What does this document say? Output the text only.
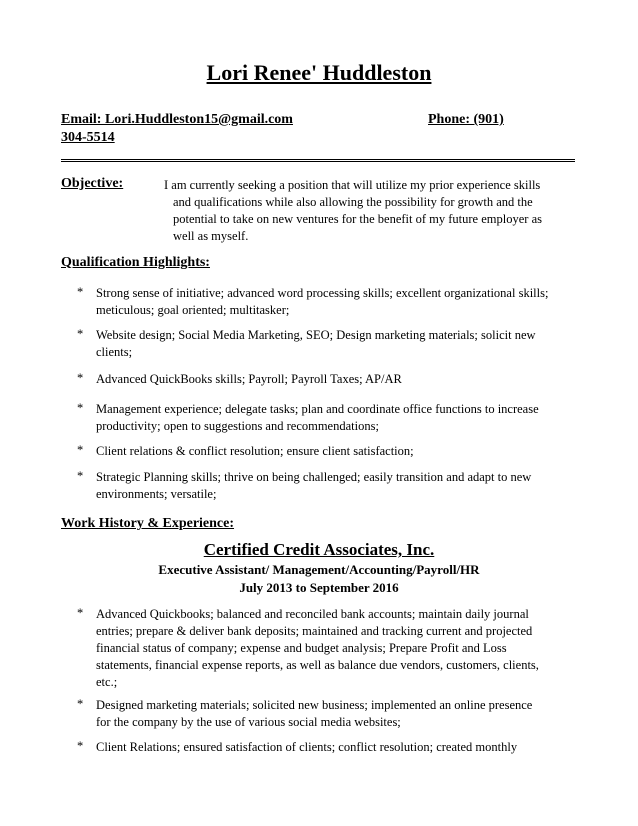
Lori Renee' Huddleston
Email: Lori.Huddleston15@gmail.com	Phone: (901)
304-5514
Objective:	I am currently seeking a position that will utilize my prior experience skills
and qualifications while also allowing the possibility for growth and the
potential to take on new ventures for the benefit of my future employer as
well as myself.
Qualification Highlights:
* Strong sense of initiative; advanced word processing skills; excellent organizational skills;
meticulous; goal oriented; multitasker;
* Website design; Social Media Marketing, SEO; Design marketing materials; solicit new
clients;
* Advanced QuickBooks skills; Payroll; Payroll Taxes; AP/AR
* Management experience; delegate tasks; plan and coordinate office functions to increase
productivity; open to suggestions and recommendations;
* Client relations & conflict resolution; ensure client satisfaction;
* Strategic Planning skills; thrive on being challenged; easily transition and adapt to new
environments; versatile;
Work History & Experience:
Certified Credit Associates, Inc.
Executive Assistant/ Management/Accounting/Payroll/HR
July 2013 to September 2016
* Advanced Quickbooks; balanced and reconciled bank accounts; maintain daily journal
entries; prepare & deliver bank deposits; maintained and tracking current and projected
financial status of company; expense and budget analysis; Prepare Profit and Loss
statements, financial expense reports, as well as balance due vendors, customers, clients,
etc.;
* Designed marketing materials; solicited new business; implemented an online presence
for the company by the use of various social media websites;
* Client Relations; ensured satisfaction of clients; conflict resolution; created monthly
